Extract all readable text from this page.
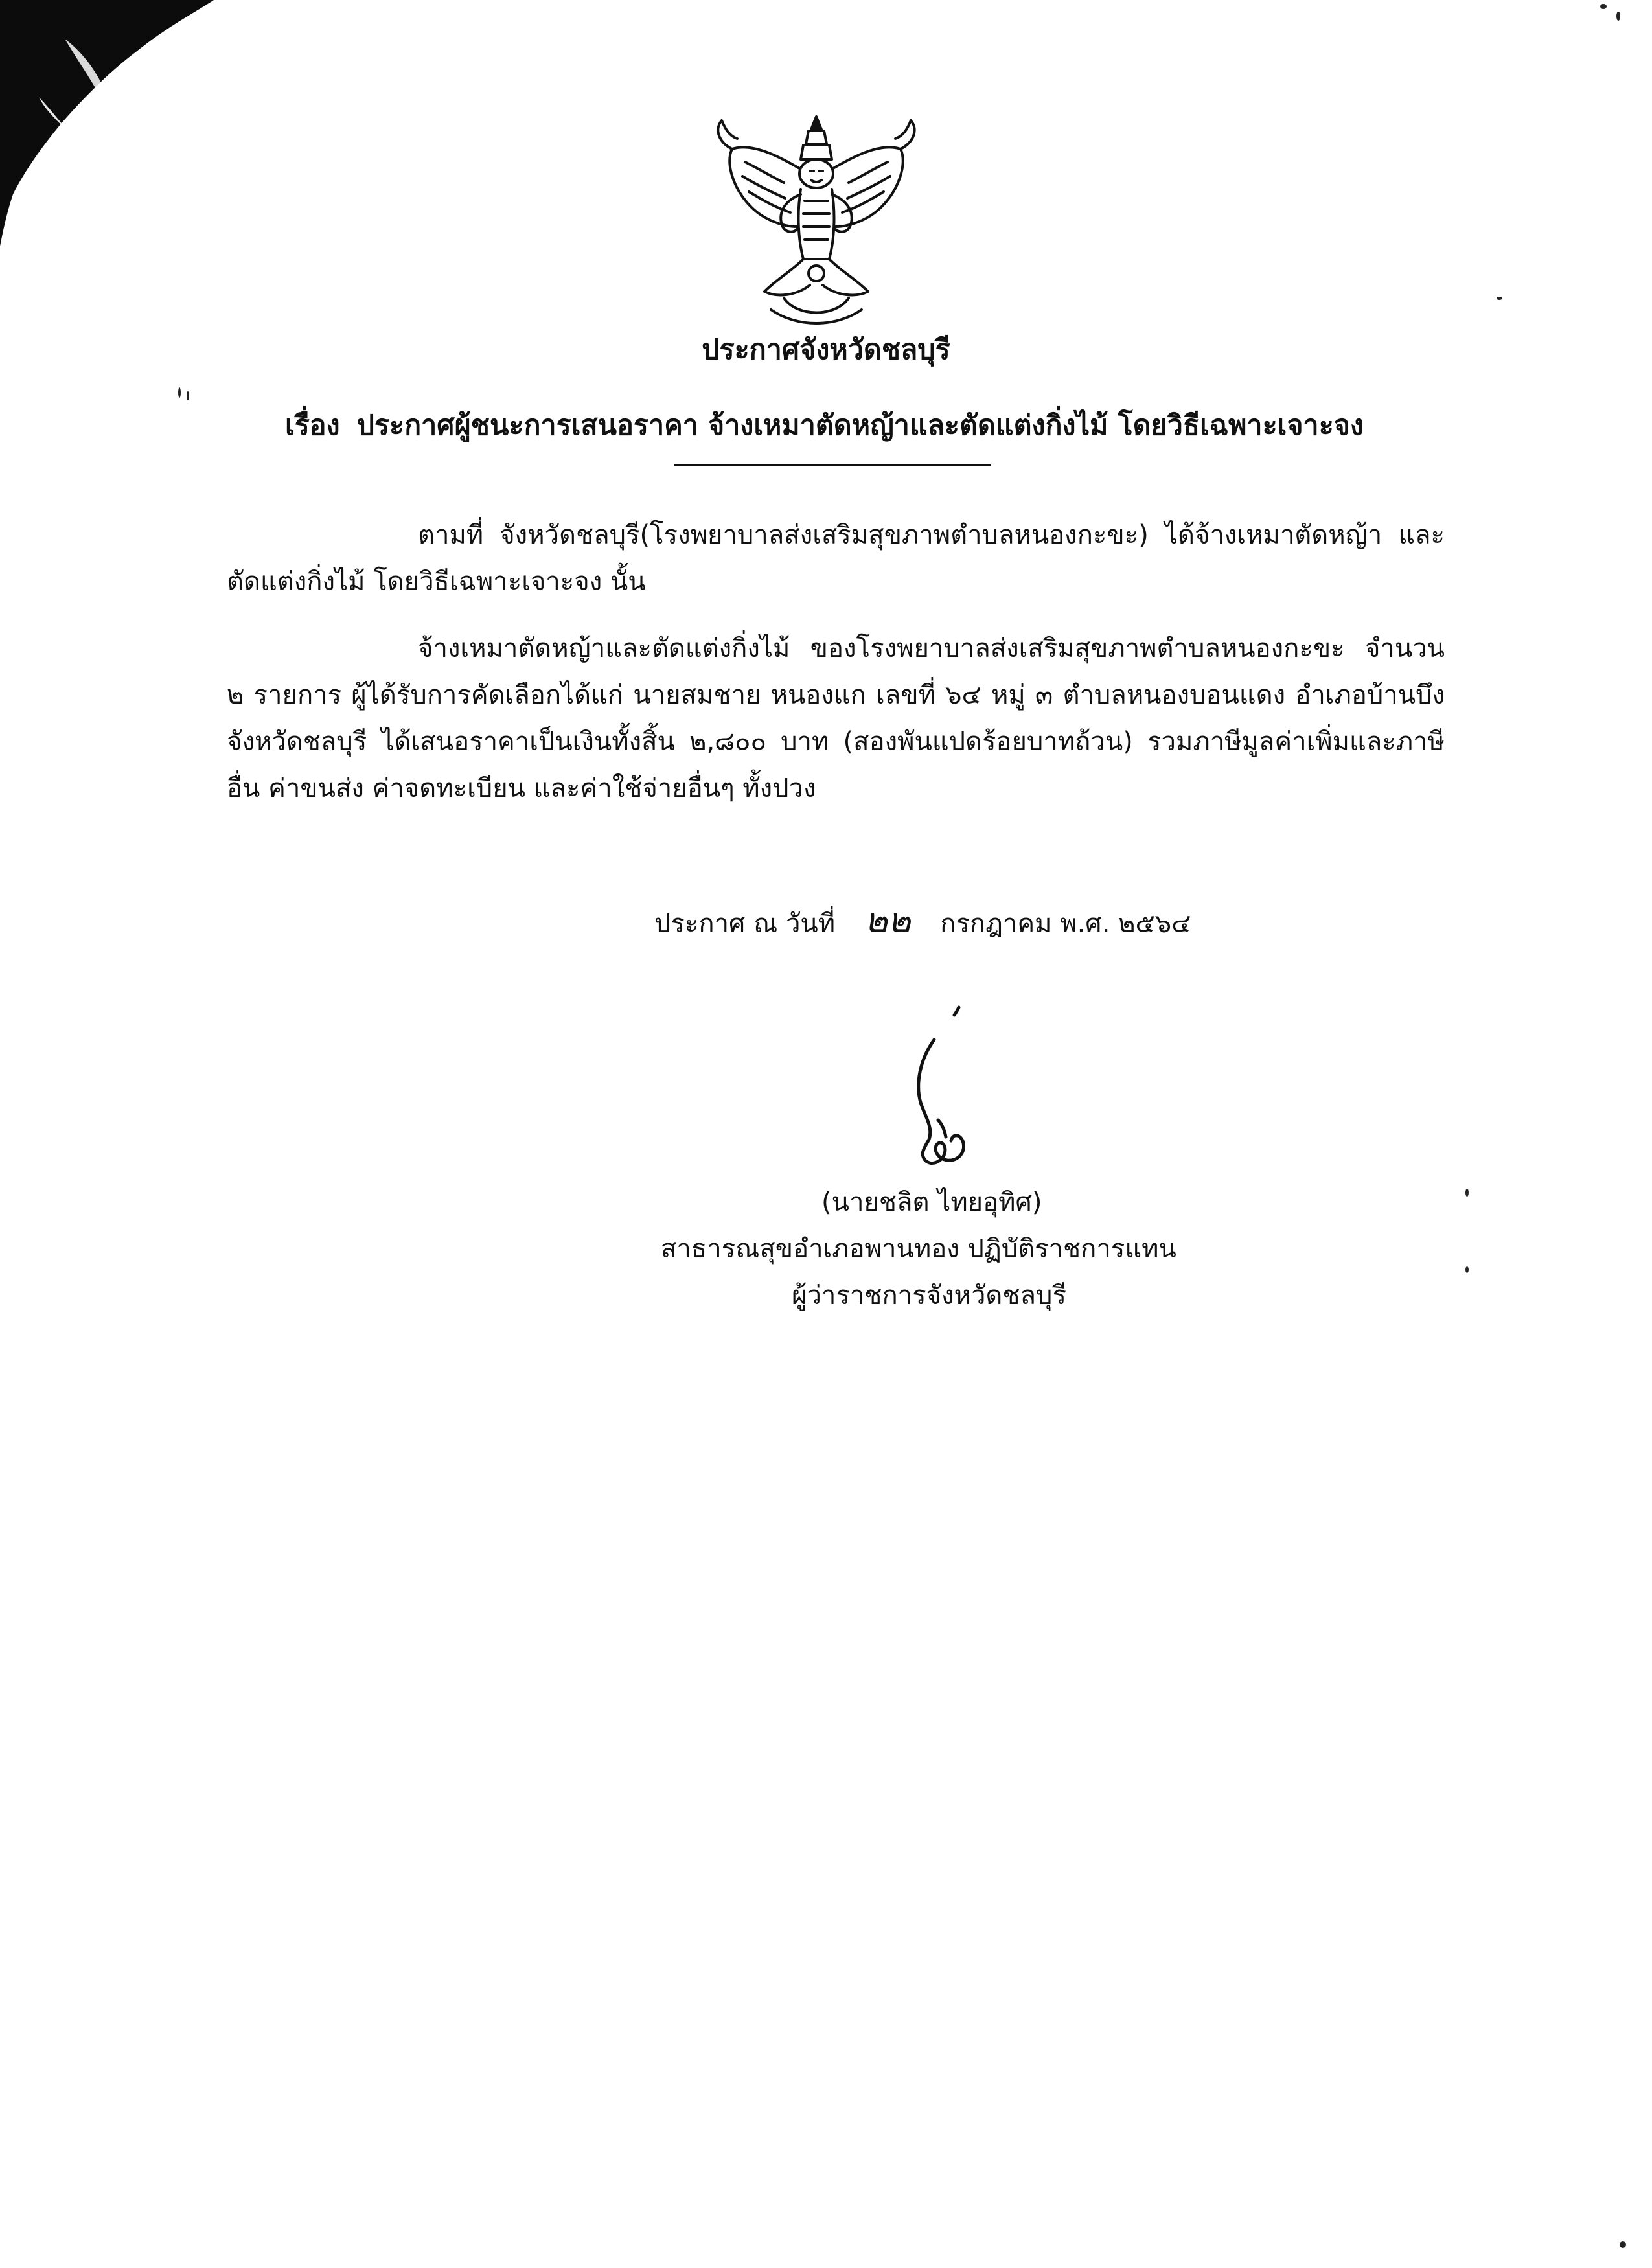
ประกาศจังหวัดชลบุรี
เรื่อง ประกาศผู้ชนะการเสนอราคา จ้างเหมาตัดหญ้าและตัดแต่งกิ่งไม้ โดยวิธีเฉพาะเจาะจง

ตามที่ จังหวัดชลบุรี(โรงพยาบาลส่งเสริมสุขภาพตำบลหนองกะขะ) ได้จ้างเหมาตัดหญ้า และตัดแต่งกิ่งไม้ โดยวิธีเฉพาะเจาะจง นั้น

จ้างเหมาตัดหญ้าและตัดแต่งกิ่งไม้ ของโรงพยาบาลส่งเสริมสุขภาพตำบลหนองกะขะ จำนวน ๒ รายการ ผู้ได้รับการคัดเลือกได้แก่ นายสมชาย หนองแก เลขที่ ๖๔ หมู่ ๓ ตำบลหนองบอนแดง อำเภอบ้านบึง จังหวัดชลบุรี ได้เสนอราคาเป็นเงินทั้งสิ้น ๒,๘๐๐ บาท (สองพันแปดร้อยบาทถ้วน) รวมภาษีมูลค่าเพิ่มและภาษีอื่น ค่าขนส่ง ค่าจดทะเบียน และค่าใช้จ่ายอื่นๆ ทั้งปวง

ประกาศ ณ วันที่ ๒๒ กรกฎาคม พ.ศ. ๒๕๖๔
(นายชลิต ไทยอุทิศ)
สาธารณสุขอำเภอพานทอง ปฏิบัติราชการแทน
ผู้ว่าราชการจังหวัดชลบุรี
